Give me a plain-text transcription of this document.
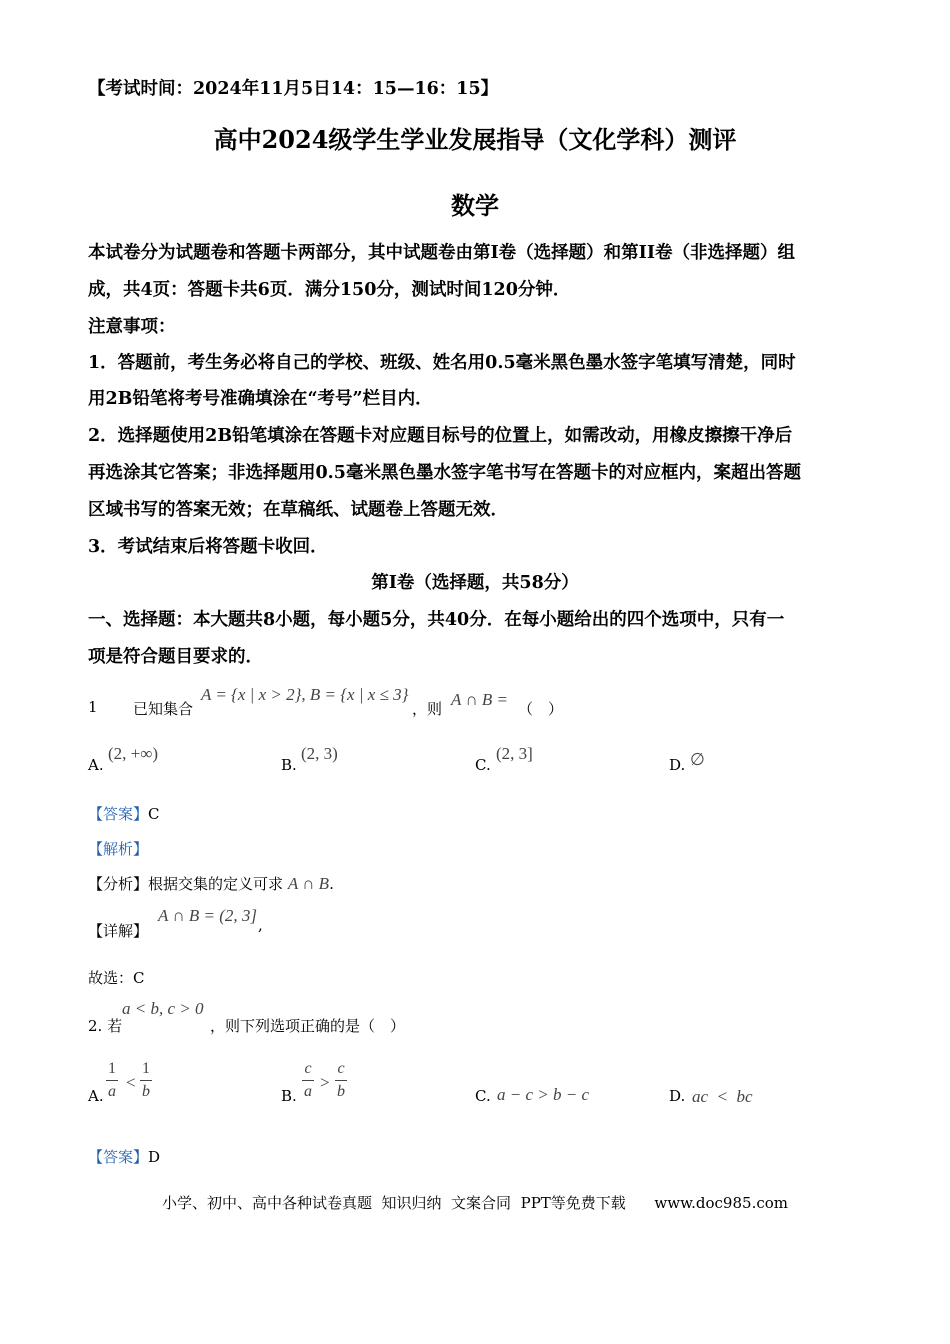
【考试时间：2024年11月5日14：15—16：15】
高中2024级学生学业发展指导（文化学科）测评
数学
本试卷分为试题卷和答题卡两部分，其中试题卷由第I卷（选择题）和第II卷（非选择题）组
成，共4页：答题卡共6页．满分150分，测试时间120分钟．
注意事项：
1．答题前，考生务必将自己的学校、班级、姓名用0.5毫米黑色墨水签字笔填写清楚，同时
用2B铅笔将考号准确填涂在“考号”栏目内．
2．选择题使用2B铅笔填涂在答题卡对应题目标号的位置上，如需改动，用橡皮擦擦干净后
再选涂其它答案；非选择题用0.5毫米黑色墨水签字笔书写在答题卡的对应框内，案超出答题
区域书写的答案无效；在草稿纸、试题卷上答题无效．
3．考试结束后将答题卡收回．
第I卷（选择题，共58分）
一、选择题：本大题共8小题，每小题5分，共40分．在每小题给出的四个选项中，只有一
项是符合题目要求的．
1 已知集合
A = {x | x > 2}, B = {x | x ≤ 3}
，则 A ∩ B = （　）
A.
(2, +∞)
B.
(2, 3)
C.
(2, 3]
D. ∅
【答案】C
【解析】
【分析】根据交集的定义可求 A ∩ B.
【详解】
A ∩ B = (2, 3] ,
故选：C
2. 若
a < b, c > 0
，则下列选项正确的是（　）
A.
1
a <
1
b	B.
c
a >
c
b	C. a − c > b − c	D. ac  <  bc
【答案】D
小学、初中、高中各种试卷真题  知识归纳  文案合同  PPT等免费下载      www.doc985.com
